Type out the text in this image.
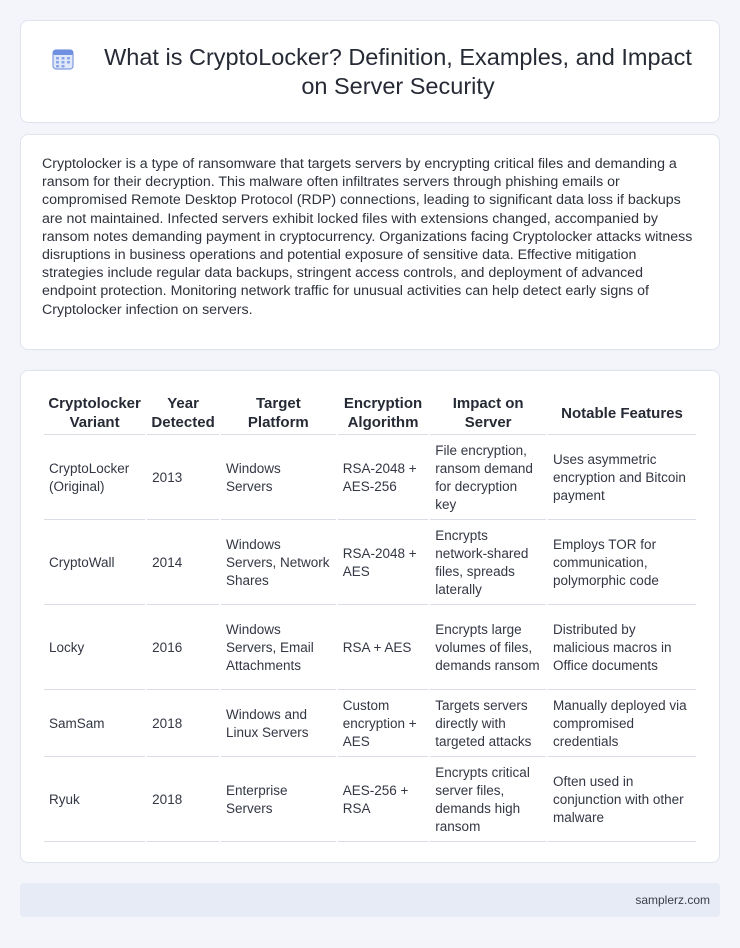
What is CryptoLocker? Definition, Examples, and Impact on Server Security

Cryptolocker is a type of ransomware that targets servers by encrypting critical files and demanding a ransom for their decryption. This malware often infiltrates servers through phishing emails or compromised Remote Desktop Protocol (RDP) connections, leading to significant data loss if backups are not maintained. Infected servers exhibit locked files with extensions changed, accompanied by ransom notes demanding payment in cryptocurrency. Organizations facing Cryptolocker attacks witness disruptions in business operations and potential exposure of sensitive data. Effective mitigation strategies include regular data backups, stringent access controls, and deployment of advanced endpoint protection. Monitoring network traffic for unusual activities can help detect early signs of Cryptolocker infection on servers.

Cryptolocker Variant	Year Detected	Target Platform	Encryption Algorithm	Impact on Server	Notable Features
CryptoLocker (Original)	2013	Windows Servers	RSA-2048 + AES-256	File encryption, ransom demand for decryption key	Uses asymmetric encryption and Bitcoin payment
CryptoWall	2014	Windows Servers, Network Shares	RSA-2048 + AES	Encrypts network-shared files, spreads laterally	Employs TOR for communication, polymorphic code
Locky	2016	Windows Servers, Email Attachments	RSA + AES	Encrypts large volumes of files, demands ransom	Distributed by malicious macros in Office documents
SamSam	2018	Windows and Linux Servers	Custom encryption + AES	Targets servers directly with targeted attacks	Manually deployed via compromised credentials
Ryuk	2018	Enterprise Servers	AES-256 + RSA	Encrypts critical server files, demands high ransom	Often used in conjunction with other malware
samplerz.com
